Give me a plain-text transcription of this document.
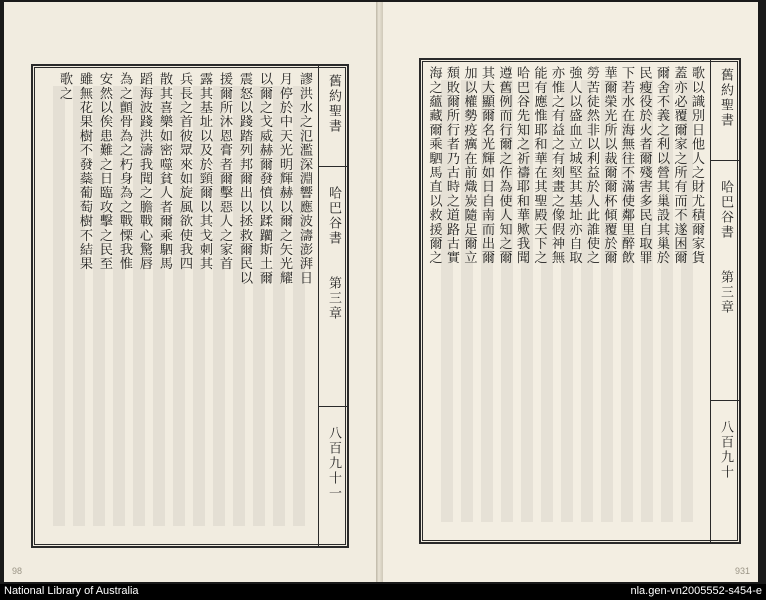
謬洪水之氾濫深淵響應波濤澎湃日
月停於中天光明輝赫以爾之矢光耀
以爾之戈威赫爾發憤以蹂躪斯土爾
震怒以踐踏列邦爾出以拯救爾民以
援爾所沐恩膏者爾擊惡人之家首
露其基址以及於頸爾以其戈刺其
兵長之首彼眾來如旋風欲使我四
散其喜樂如密噬貧人者爾乘駟馬
蹈海波踐洪濤我聞之膽戰心驚唇
為之顫骨為之朽身為之戰慄我惟
安然以俟患難之日臨攻擊之民至
雖無花果樹不發蘂葡萄樹不結果
歌之	舊約聖書
哈巴谷書
第三章
八百九十一
98
歌以識別日他人之財尤積爾家貨
蓋亦必覆爾家之所有而不遂困爾
爾舍不義之利以營其巢設其巢於
民瘦役於火者爾殘害多民自取罪
下若水在海無往不滿使鄰里醉飲
華爾榮光所以裁爾爾杯傾覆於爾
勞苦徒然非以利益於人此誰使之
強人以盛血立城堅其基址亦自取
亦惟之有益之有刻畫之像假神無
能有應惟耶和華在其聖殿天下之
哈巴谷先知之祈禱耶和華歟我聞
遵舊例而行爾之作為使人知之爾
其大顯爾名光輝如日自南而出爾
加以權勢疫癘在前熾炭隨足爾立
頹敗爾所行者乃古時之道路古實
海之蘊藏爾乘駟馬直以救援爾之	舊約聖書
哈巴谷書
第三章
八百九十
931
National Library of Australia	nla.gen-vn2005552-s454-e
